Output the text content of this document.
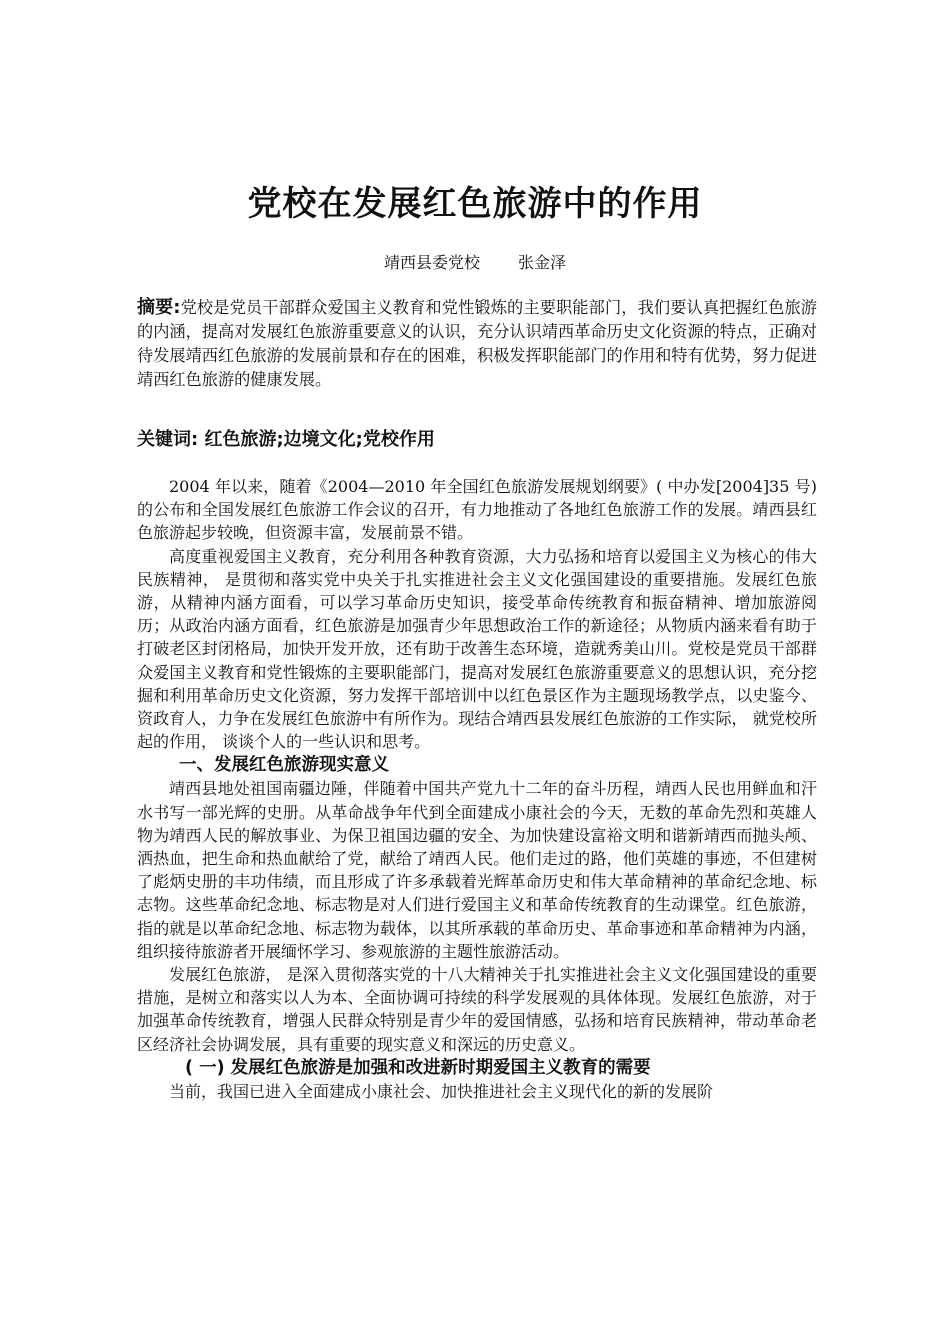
党校在发展红色旅游中的作用
靖西县委党校 张金泽
摘要:党校是党员干部群众爱国主义教育和党性锻炼的主要职能部门，我们要认真把握红色旅游的内涵，提高对发展红色旅游重要意义的认识，充分认识靖西革命历史文化资源的特点，正确对待发展靖西红色旅游的发展前景和存在的困难，积极发挥职能部门的作用和特有优势，努力促进靖西红色旅游的健康发展。
关键词: 红色旅游;边境文化;党校作用

2004 年以来，随着《2004—2010 年全国红色旅游发展规划纲要》( 中办发[2004]35 号) 的公布和全国发展红色旅游工作会议的召开，有力地推动了各地红色旅游工作的发展。靖西县红色旅游起步较晚，但资源丰富，发展前景不错。

高度重视爱国主义教育，充分利用各种教育资源，大力弘扬和培育以爱国主义为核心的伟大民族精神， 是贯彻和落实党中央关于扎实推进社会主义文化强国建设的重要措施。发展红色旅游，从精神内涵方面看，可以学习革命历史知识，接受革命传统教育和振奋精神、增加旅游阅历；从政治内涵方面看，红色旅游是加强青少年思想政治工作的新途径；从物质内涵来看有助于打破老区封闭格局，加快开发开放，还有助于改善生态环境，造就秀美山川。党校是党员干部群众爱国主义教育和党性锻炼的主要职能部门，提高对发展红色旅游重要意义的思想认识，充分挖掘和利用革命历史文化资源，努力发挥干部培训中以红色景区作为主题现场教学点，以史鉴今、资政育人，力争在发展红色旅游中有所作为。现结合靖西县发展红色旅游的工作实际， 就党校所起的作用， 谈谈个人的一些认识和思考。

一、发展红色旅游现实意义

靖西县地处祖国南疆边陲，伴随着中国共产党九十二年的奋斗历程，靖西人民也用鲜血和汗水书写一部光辉的史册。从革命战争年代到全面建成小康社会的今天，无数的革命先烈和英雄人物为靖西人民的解放事业、为保卫祖国边疆的安全、为加快建设富裕文明和谐新靖西而抛头颅、洒热血，把生命和热血献给了党，献给了靖西人民。他们走过的路，他们英雄的事迹，不但建树了彪炳史册的丰功伟绩，而且形成了许多承载着光辉革命历史和伟大革命精神的革命纪念地、标志物。这些革命纪念地、标志物是对人们进行爱国主义和革命传统教育的生动课堂。红色旅游，指的就是以革命纪念地、标志物为载体，以其所承载的革命历史、革命事迹和革命精神为内涵，组织接待旅游者开展缅怀学习、参观旅游的主题性旅游活动。

发展红色旅游， 是深入贯彻落实党的十八大精神关于扎实推进社会主义文化强国建设的重要措施，是树立和落实以人为本、全面协调可持续的科学发展观的具体体现。发展红色旅游，对于加强革命传统教育，增强人民群众特别是青少年的爱国情感，弘扬和培育民族精神，带动革命老区经济社会协调发展，具有重要的现实意义和深远的历史意义。

( 一) 发展红色旅游是加强和改进新时期爱国主义教育的需要

当前，我国已进入全面建成小康社会、加快推进社会主义现代化的新的发展阶
